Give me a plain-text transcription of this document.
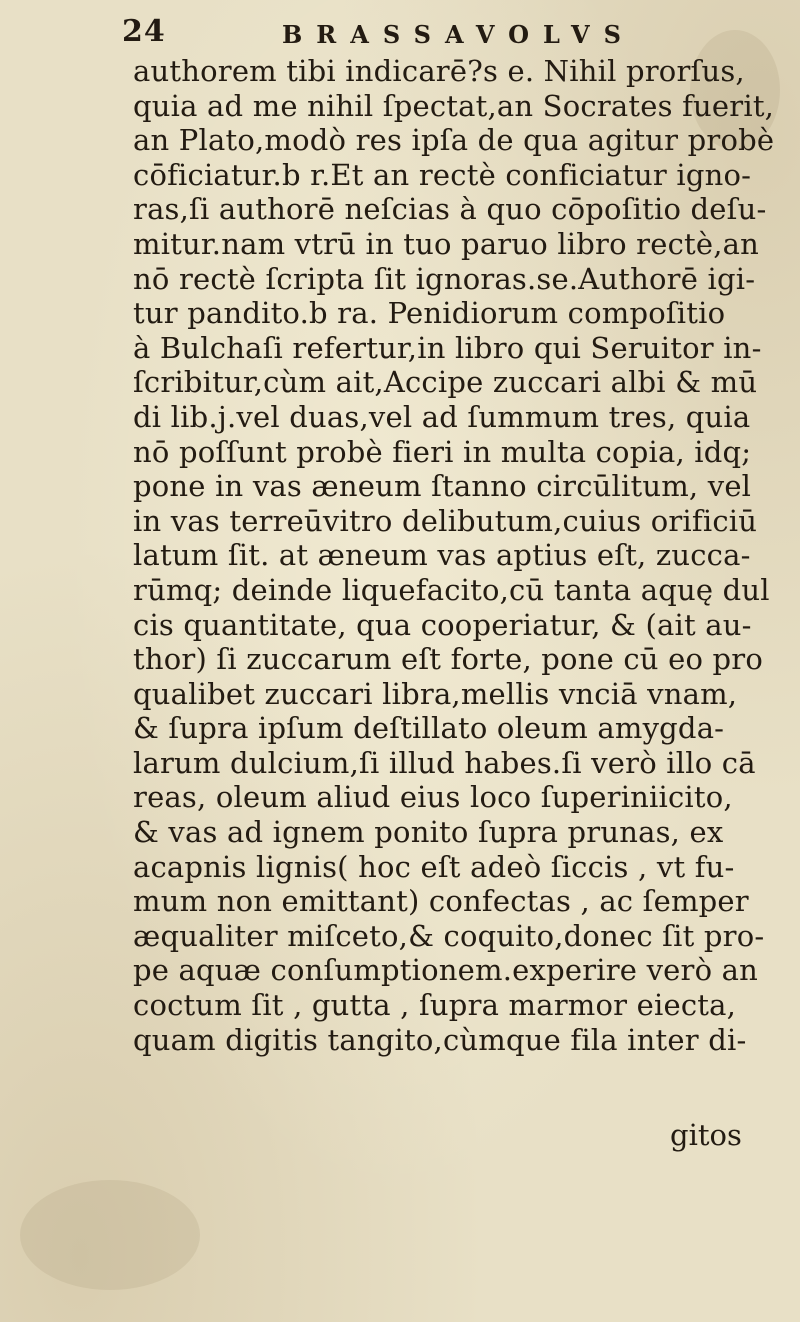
24	BRASSAVOLVS
authorem tibi indicarē?s e. Nihil prorſus,
quia ad me nihil ſpectat,an Socrates fuerit,
an Plato,modò res ipſa de qua agitur probè
cōficiatur.b r.Et an rectè conficiatur igno-
ras,ſi authorē neſcias à quo cōpoſitio deſu-
mitur.nam vtrū in tuo paruo libro rectè,an
nō rectè ſcripta ſit ignoras.se.Authorē igi-
tur pandito.b ra. Penidiorum compoſitio
à Bulchaſi refertur,in libro qui Seruitor in-
ſcribitur,cùm ait,Accipe zuccari albi & mū
di lib.j.vel duas,vel ad ſummum tres, quia
nō poſſunt probè fieri in multa copia, idq;
pone in vas æneum ſtanno circūlitum, vel
in vas terreūvitro delibutum,cuius orificiū
latum ſit. at æneum vas aptius eſt, zucca-
rūmq; deinde liquefacito,cū tanta aquę dul
cis quantitate, qua cooperiatur, & (ait au-
thor) ſi zuccarum eſt forte, pone cū eo pro
qualibet zuccari libra,mellis vnciā vnam,
& ſupra ipſum deſtillato oleum amygda-
larum dulcium,ſi illud habes.ſi verò illo cā
reas, oleum aliud eius loco ſuperiniicito,
& vas ad ignem ponito ſupra prunas, ex
acapnis lignis( hoc eſt adeò ſiccis , vt fu-
mum non emittant) confectas , ac ſemper
æqualiter miſceto,& coquito,donec ſit pro-
pe aquæ conſumptionem.experire verò an
coctum ſit , gutta , ſupra marmor eiecta,
quam digitis tangito,cùmque fila inter di-
gitos
